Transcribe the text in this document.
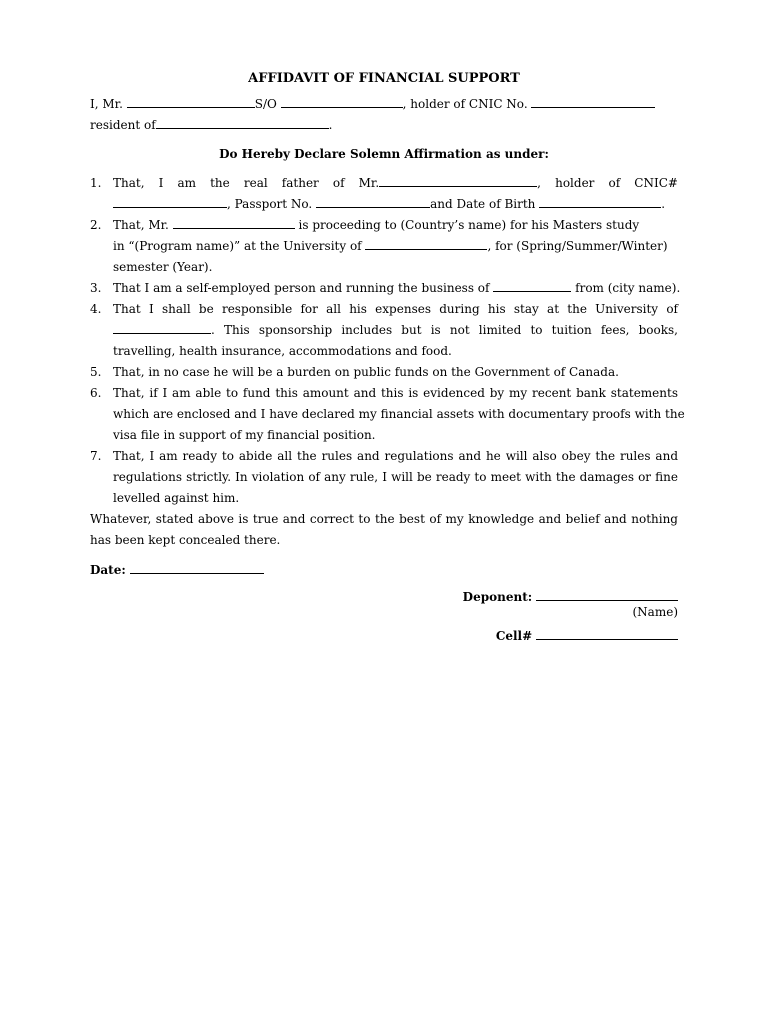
AFFIDAVIT OF FINANCIAL SUPPORT
I, Mr.	S/O	, holder of CNIC No.
resident of	.
Do Hereby Declare Solemn Affirmation as under:
1. That, I am the real father of Mr.	, holder of CNIC#
, Passport No.	and Date of Birth	.
2. That, Mr.	is proceeding to (Country’s name) for his Masters study
in “(Program name)” at the University of	, for (Spring/Summer/Winter)
semester (Year).
3. That I am a self-employed person and running the business of	from (city name).
4. That I shall be responsible for all his expenses during his stay at the University of
. This sponsorship includes but is not limited to tuition fees, books,
travelling, health insurance, accommodations and food.
5. That, in no case he will be a burden on public funds on the Government of Canada.
6. That, if I am able to fund this amount and this is evidenced by my recent bank statements
which are enclosed and I have declared my financial assets with documentary proofs with the
visa file in support of my financial position.
7. That, I am ready to abide all the rules and regulations and he will also obey the rules and
regulations strictly. In violation of any rule, I will be ready to meet with the damages or fine
levelled against him.
Whatever, stated above is true and correct to the best of my knowledge and belief and nothing
has been kept concealed there.
Date:
Deponent:
(Name)
Cell#
